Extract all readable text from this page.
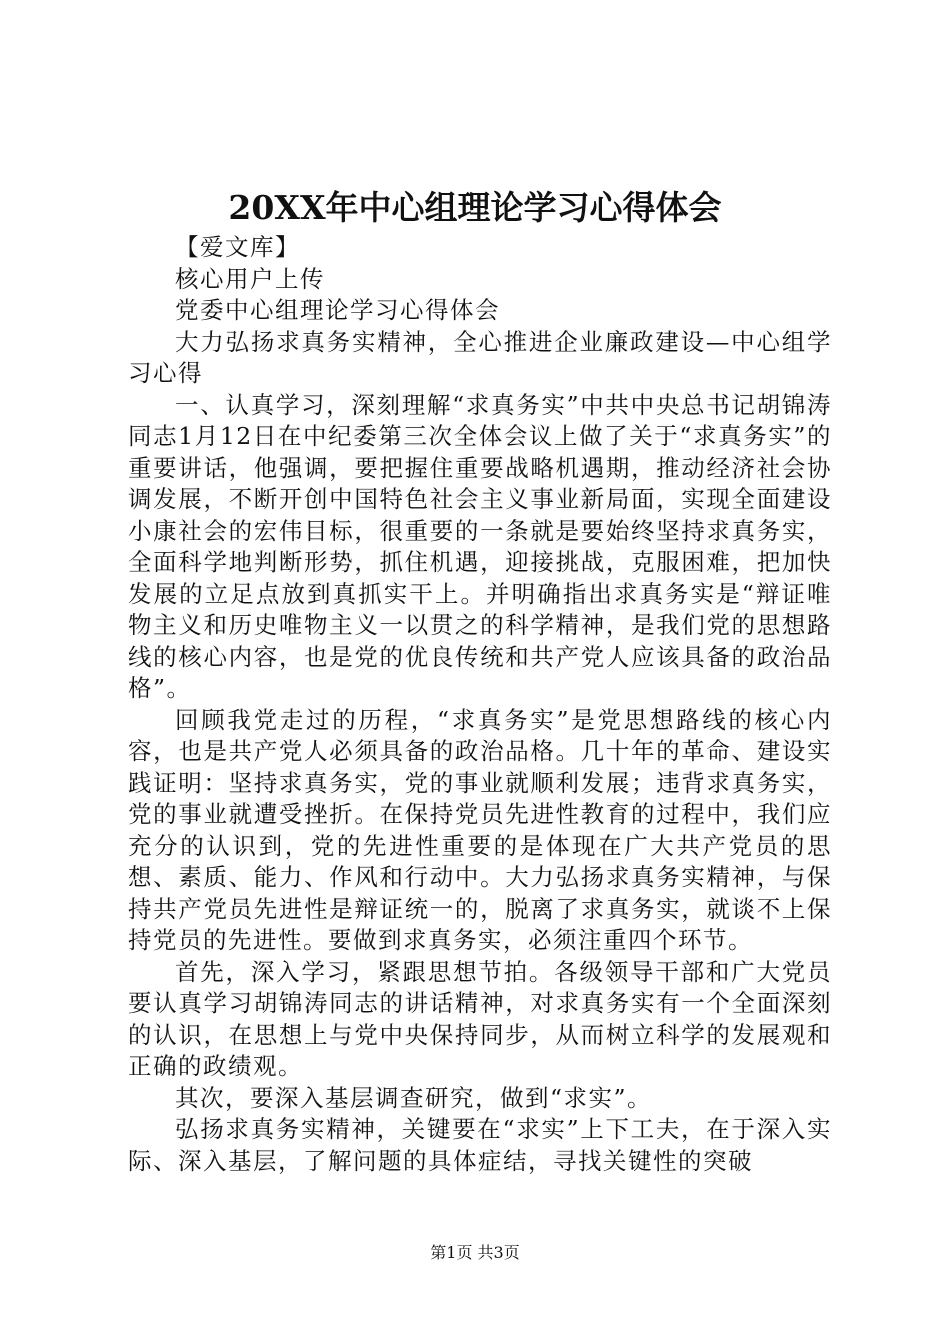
20XX年中心组理论学习心得体会

【爱文库】

核心用户上传

党委中心组理论学习心得体会

大力弘扬求真务实精神，全心推进企业廉政建设—中心组学习心得

一、认真学习，深刻理解“求真务实”中共中央总书记胡锦涛同志1月12日在中纪委第三次全体会议上做了关于“求真务实”的重要讲话，他强调，要把握住重要战略机遇期，推动经济社会协调发展，不断开创中国特色社会主义事业新局面，实现全面建设小康社会的宏伟目标，很重要的一条就是要始终坚持求真务实，全面科学地判断形势，抓住机遇，迎接挑战，克服困难，把加快发展的立足点放到真抓实干上。并明确指出求真务实是“辩证唯物主义和历史唯物主义一以贯之的科学精神，是我们党的思想路线的核心内容，也是党的优良传统和共产党人应该具备的政治品格”。

回顾我党走过的历程，“求真务实”是党思想路线的核心内容，也是共产党人必须具备的政治品格。几十年的革命、建设实践证明：坚持求真务实，党的事业就顺利发展；违背求真务实，党的事业就遭受挫折。在保持党员先进性教育的过程中，我们应充分的认识到，党的先进性重要的是体现在广大共产党员的思想、素质、能力、作风和行动中。大力弘扬求真务实精神，与保持共产党员先进性是辩证统一的，脱离了求真务实，就谈不上保持党员的先进性。要做到求真务实，必须注重四个环节。

首先，深入学习，紧跟思想节拍。各级领导干部和广大党员要认真学习胡锦涛同志的讲话精神，对求真务实有一个全面深刻的认识，在思想上与党中央保持同步，从而树立科学的发展观和正确的政绩观。

其次，要深入基层调查研究，做到“求实”。

弘扬求真务实精神，关键要在“求实”上下工夫，在于深入实际、深入基层，了解问题的具体症结，寻找关键性的突破

第1页 共3页
